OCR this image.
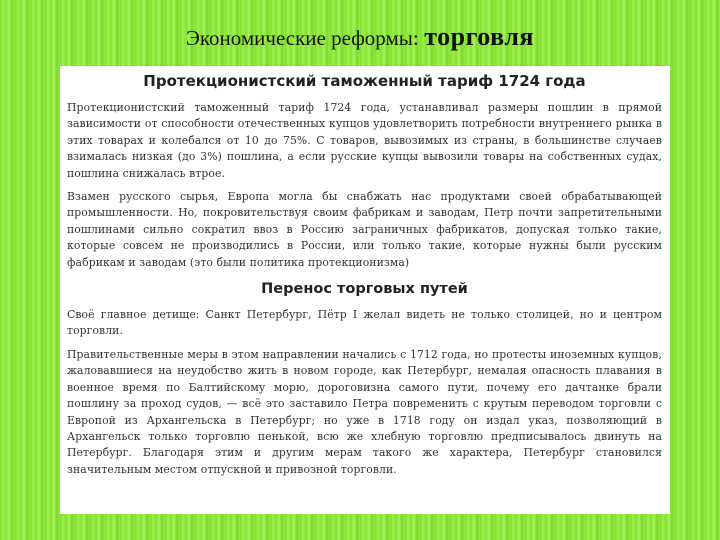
Экономические реформы: торговля
Протекционистский таможенный тариф 1724 года

Протекционистский таможенный тариф 1724 года, устанавливал размеры пошлин в прямой зависимости от способности отечественных купцов удовлетворить потребности внутреннего рынка в этих товарах и колебался от 10 до 75%. С товаров, вывозимых из страны, в большинстве случаев взималась низкая (до 3%) пошлина, а если русские купцы вывозили товары на собственных судах, пошлина снижалась втрое.

Взамен русского сырья, Европа могла бы снабжать нас продуктами своей обрабатывающей промышленности. Но, покровительствуя своим фабрикам и заводам, Петр почти запретительными пошлинами сильно сократил ввоз в Россию заграничных фабрикатов, допуская только такие, которые совсем не производились в России, или только такие, которые нужны были русским фабрикам и заводам (это были политика протекционизма)

Перенос торговых путей

Своё главное детище: Санкт Петербург, Пётр I желал видеть не только столицей, но и центром торговли.

Правительственные меры в этом направлении начались с 1712 года, но протесты иноземных купцов, жаловавшиеся на неудобство жить в новом городе, как Петербург, немалая опасность плавания в военное время по Балтийскому морю, дороговизна самого пути, почему его дачтанке брали пошлину за проход судов, — всё это заставило Петра повременить с крутым переводом торговли с Европой из Архангельска в Петербург; но уже в 1718 году он издал указ, позволяющий в Архангельск только торговлю пенькой, всю же хлебную торговлю предписывалось двинуть на Петербург. Благодаря этим и другим мерам такого же характера, Петербург становился значительным местом отпускной и привозной торговли.
